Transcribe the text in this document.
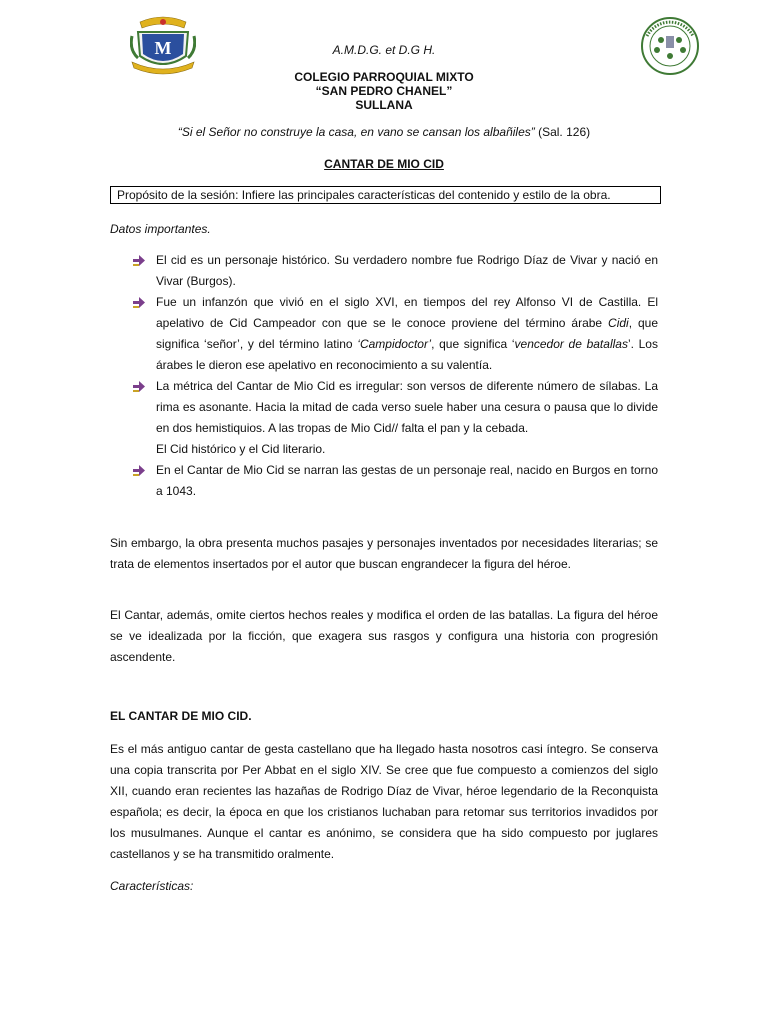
M	A.M.D.G. et D.G H.
COLEGIO PARROQUIAL MIXTO
“SAN PEDRO CHANEL”
SULLANA
“Si el Señor no construye la casa, en vano se cansan los albañiles” (Sal. 126)
CANTAR DE MIO CID
Propósito de la sesión: Infiere las principales características del contenido y estilo de la obra.
Datos importantes.
El cid es un personaje histórico. Su verdadero nombre fue Rodrigo Díaz de Vivar y nació en Vivar (Burgos).
Fue un infanzón que vivió en el siglo XVI, en tiempos del rey Alfonso VI de Castilla. El apelativo de Cid Campeador con que se le conoce proviene del término árabe Cidi, que significa ‘señor’, y del término latino ‘Campidoctor’, que significa ‘vencedor de batallas’. Los árabes le dieron ese apelativo en reconocimiento a su valentía.
La métrica del Cantar de Mio Cid es irregular: son versos de diferente número de sílabas. La rima es asonante. Hacia la mitad de cada verso suele haber una cesura o pausa que lo divide en dos hemistiquios. A las tropas de Mio Cid// falta el pan y la cebada.
El Cid histórico y el Cid literario.
En el Cantar de Mio Cid se narran las gestas de un personaje real, nacido en Burgos en torno a 1043.
Sin embargo, la obra presenta muchos pasajes y personajes inventados por necesidades literarias; se trata de elementos insertados por el autor que buscan engrandecer la figura del héroe.
El Cantar, además, omite ciertos hechos reales y modifica el orden de las batallas. La figura del héroe se ve idealizada por la ficción, que exagera sus rasgos y configura una historia con progresión ascendente.
EL CANTAR DE MIO CID.
Es el más antiguo cantar de gesta castellano que ha llegado hasta nosotros casi íntegro. Se conserva una copia transcrita por Per Abbat en el siglo XIV. Se cree que fue compuesto a comienzos del siglo XII, cuando eran recientes las hazañas de Rodrigo Díaz de Vivar, héroe legendario de la Reconquista española; es decir, la época en que los cristianos luchaban para retomar sus territorios invadidos por los musulmanes. Aunque el cantar es anónimo, se considera que ha sido compuesto por juglares castellanos y se ha transmitido oralmente.
Características:
